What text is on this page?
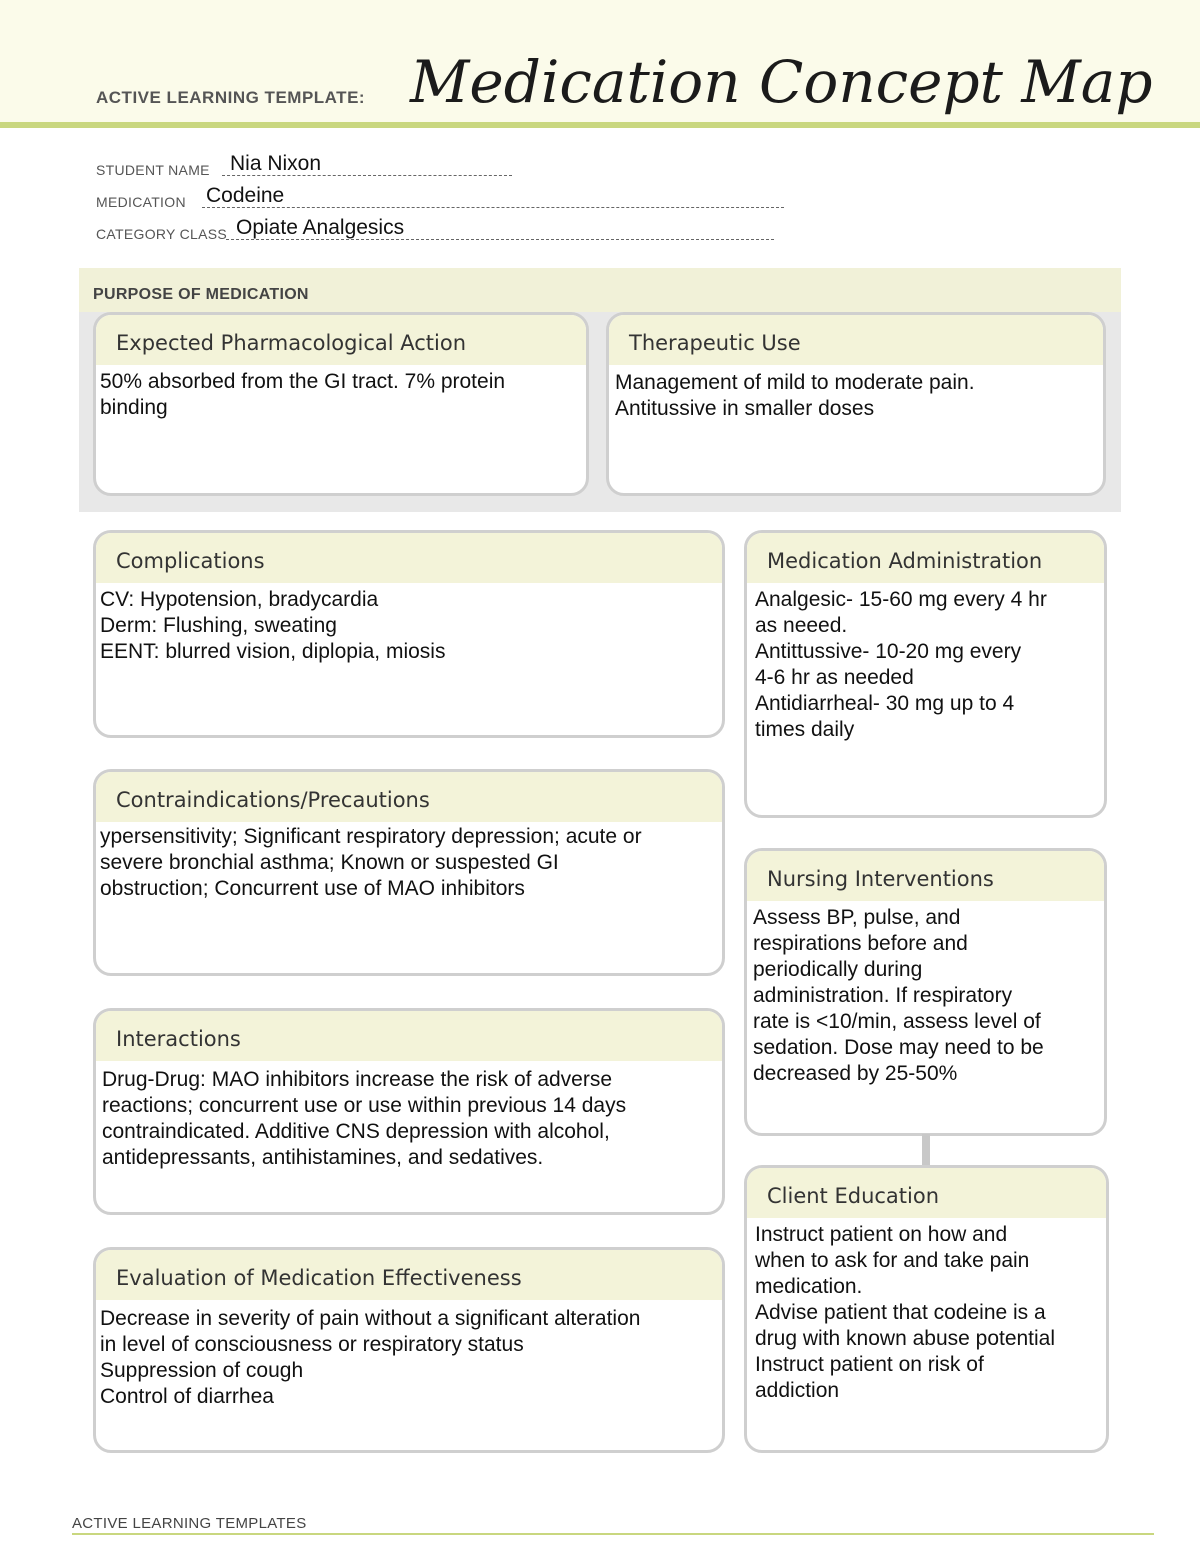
ACTIVE LEARNING TEMPLATE: Medication Concept Map
STUDENT NAME Nia Nixon
MEDICATION Codeine
CATEGORY CLASS Opiate Analgesics
PURPOSE OF MEDICATION
Expected Pharmacological Action
50% absorbed from the GI tract. 7% protein
binding
Therapeutic Use
Management of mild to moderate pain.
Antitussive in smaller doses
Complications
CV: Hypotension, bradycardia
Derm: Flushing, sweating
EENT: blurred vision, diplopia, miosis
Contraindications/Precautions
ypersensitivity; Significant respiratory depression; acute or
severe bronchial asthma; Known or suspested GI
obstruction; Concurrent use of MAO inhibitors
Interactions
Drug-Drug: MAO inhibitors increase the risk of adverse
reactions; concurrent use or use within previous 14 days
contraindicated. Additive CNS depression with alcohol,
antidepressants, antihistamines, and sedatives.
Evaluation of Medication Effectiveness
Decrease in severity of pain without a significant alteration
in level of consciousness or respiratory status
Suppression of cough
Control of diarrhea
Medication Administration
Analgesic- 15-60 mg every 4 hr
as neeed.
Antittussive- 10-20 mg every
4-6 hr as needed
Antidiarrheal- 30 mg up to 4
times daily
Nursing Interventions
Assess BP, pulse, and
respirations before and
periodically during
administration. If respiratory
rate is <10/min, assess level of
sedation. Dose may need to be
decreased by 25-50%
Client Education
Instruct patient on how and
when to ask for and take pain
medication.
Advise patient that codeine is a
drug with known abuse potential
Instruct patient on risk of
addiction
ACTIVE LEARNING TEMPLATES
